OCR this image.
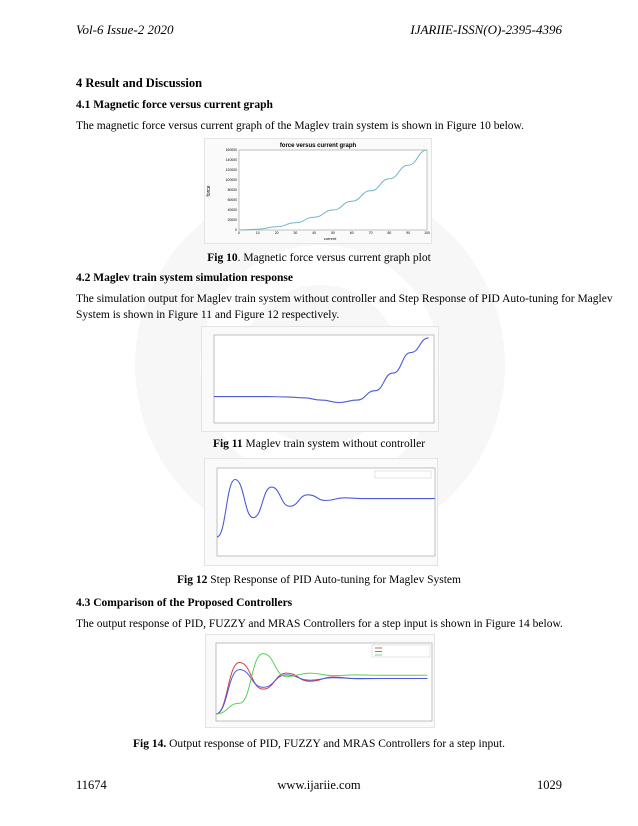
Vol-6 Issue-2 2020	IJARIIE-ISSN(O)-2395-4396
4 Result and Discussion
4.1 Magnetic force versus current graph
The magnetic force versus current graph of the Maglev train system is shown in Figure 10 below.
force versus current graph
force
current
0
20000
40000
60000
80000
100000
120000
140000
160000
0	10	20	30	40	50	60	70	80	90	100
Fig 10. Magnetic force versus current graph plot
4.2 Maglev train system simulation response
The simulation output for Maglev train system without controller and Step Response of PID Auto-tuning for Maglev
System is shown in Figure 11 and Figure 12 respectively.
Fig 11 Maglev train system without controller
Fig 12 Step Response of PID Auto-tuning for Maglev System
4.3 Comparison of the Proposed Controllers
The output response of PID, FUZZY and MRAS Controllers for a step input is shown in Figure 14 below.
Fig 14. Output response of PID, FUZZY and MRAS Controllers for a step input.
11674	www.ijariie.com	1029
